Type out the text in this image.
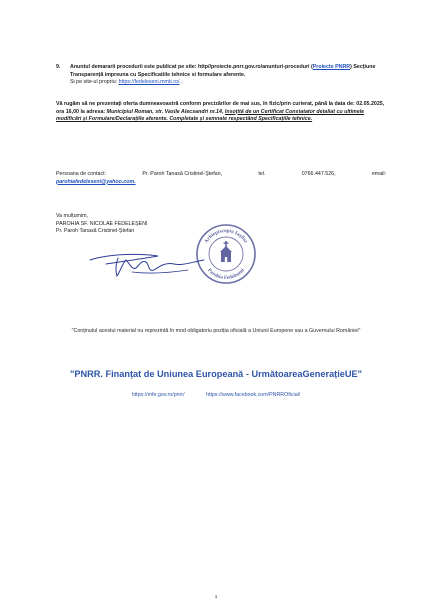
9. Anuntul demararii procedurii este publicat pe site: http//proiecte.pnrr.gov.ro/anunturi-proceduri (Proiecte PNRR) Secțiune Transparență impreuna cu Specificatiile tehnice si formulare aferente.
Si pe site-ul propriu: https://fedeleseni.mmb.ro/ .
Vă rugăm să ne prezentați oferta dumneavoastră conform precizărilor de mai sus, în fizic/prin curierat, până la data de: 02.05.2025, ora 16,00 la adresa: Municipiul Roman, str. Vasile Alecsandri nr.14, însoțită de un Certificat Constatator detaliat cu ultimele modificări și Formulare/Declarațiile aferente. Completate și semnate respectând Specificațiile tehnice.
Persoana de contact:	Pr. Paroh Tanasă Cristinel-Ştefan,	tel.	0766.447.526,	email:
parohiafedeleseni@yahoo.com.
Va mulțumim,
PAROHIA SF. NICOLAE FEDELEȘENI
Pr. Paroh Tanasă Cristinel-Ștefan
Arhiepiscopia Iașilor
Parohia Fedeleșeni
"Conținutul acestui material nu reprezintă în mod obligatoriu poziția oficială a Uniunii Europene sau a Guvernului României"
"PNRR. Finanțat de Uniunea Europeană - UrmătoareaGenerațieUE"
https://mfe.gov.ro/pnrr/	https://www.facebook.com/PNRROficial/
1
